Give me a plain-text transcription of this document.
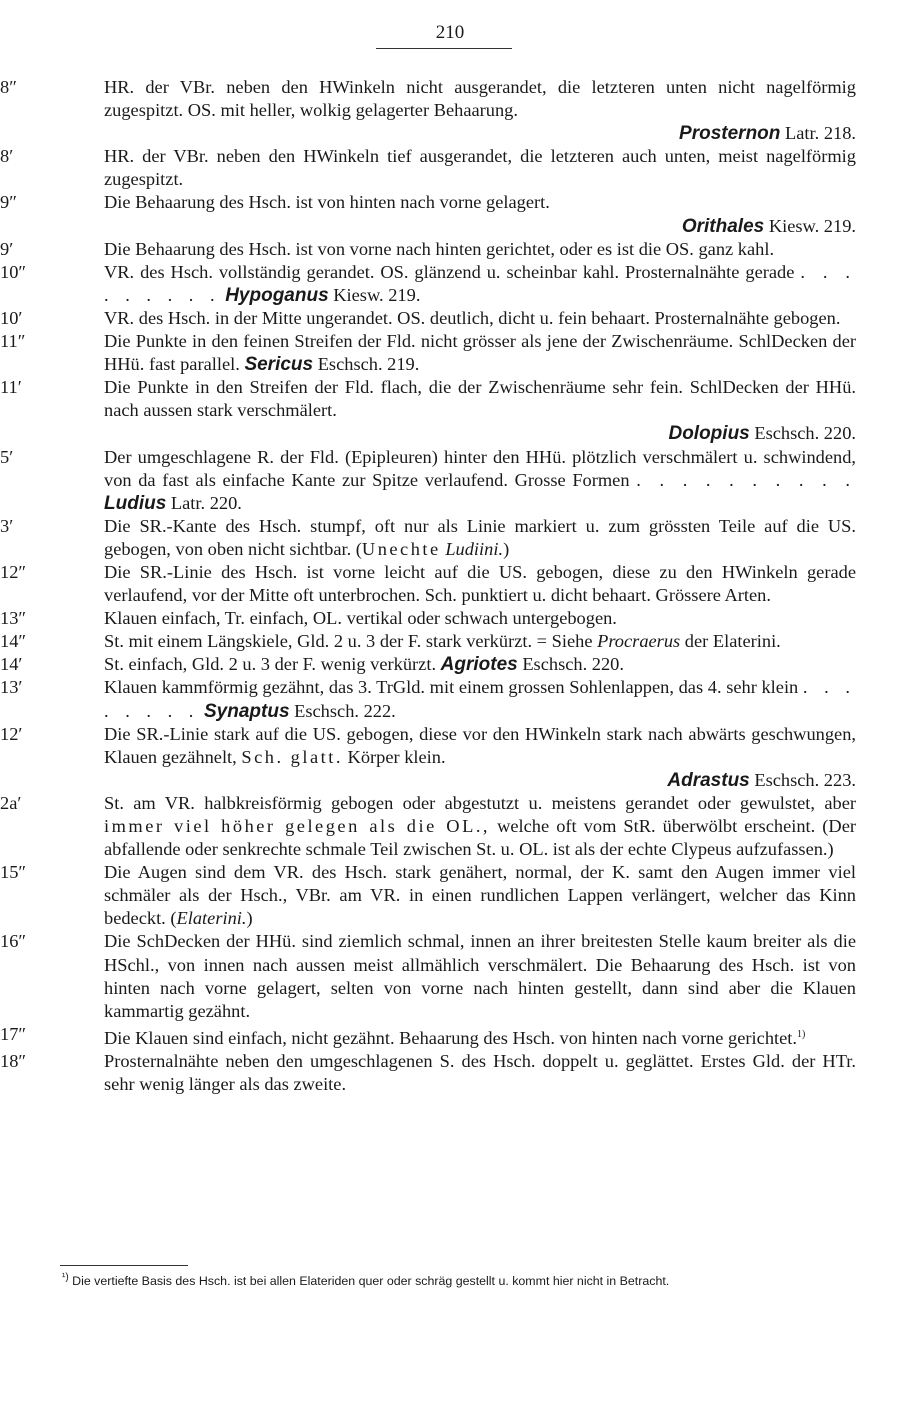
210
8″	HR. der VBr. neben den HWinkeln nicht ausgerandet, die letzteren unten nicht nagelförmig zugespitzt. OS. mit heller, wolkig gelagerter Behaarung.
Prosternon Latr. 218.
8′	HR. der VBr. neben den HWinkeln tief ausgerandet, die letzteren auch unten, meist nagelförmig zugespitzt.
9″	Die Behaarung des Hsch. ist von hinten nach vorne gelagert.
Orithales Kiesw. 219.
9′	Die Behaarung des Hsch. ist von vorne nach hinten gerichtet, oder es ist die OS. ganz kahl.
10″	VR. des Hsch. vollständig gerandet. OS. glänzend u. scheinbar kahl. Prosternalnähte gerade . . . . . . . . . Hypoganus Kiesw. 219.
10′	VR. des Hsch. in der Mitte ungerandet. OS. deutlich, dicht u. fein behaart. Prosternalnähte gebogen.
11″	Die Punkte in den feinen Streifen der Fld. nicht grösser als jene der Zwischenräume. SchlDecken der HHü. fast parallel. Sericus Eschsch. 219.
11′	Die Punkte in den Streifen der Fld. flach, die der Zwischenräume sehr fein. SchlDecken der HHü. nach aussen stark verschmälert.
Dolopius Eschsch. 220.
5′	Der umgeschlagene R. der Fld. (Epipleuren) hinter den HHü. plötzlich verschmälert u. schwindend, von da fast als einfache Kante zur Spitze verlaufend. Grosse Formen . . . . . . . . . . Ludius Latr. 220.
3′	Die SR.-Kante des Hsch. stumpf, oft nur als Linie markiert u. zum grössten Teile auf die US. gebogen, von oben nicht sichtbar. (Unechte Ludiini.)
12″	Die SR.-Linie des Hsch. ist vorne leicht auf die US. gebogen, diese zu den HWinkeln gerade verlaufend, vor der Mitte oft unterbrochen. Sch. punktiert u. dicht behaart. Grössere Arten.
13″	Klauen einfach, Tr. einfach, OL. vertikal oder schwach untergebogen.
14″	St. mit einem Längskiele, Gld. 2 u. 3 der F. stark verkürzt. = Siehe Procraerus der Elaterini.
14′	St. einfach, Gld. 2 u. 3 der F. wenig verkürzt. Agriotes Eschsch. 220.
13′	Klauen kammförmig gezähnt, das 3. TrGld. mit einem grossen Sohlenlappen, das 4. sehr klein . . . . . . . . Synaptus Eschsch. 222.
12′	Die SR.-Linie stark auf die US. gebogen, diese vor den HWinkeln stark nach abwärts geschwungen, Klauen gezähnelt, Sch. glatt. Körper klein.
Adrastus Eschsch. 223.
2a′	St. am VR. halbkreisförmig gebogen oder abgestutzt u. meistens gerandet oder gewulstet, aber immer viel höher gelegen als die OL., welche oft vom StR. überwölbt erscheint. (Der abfallende oder senkrechte schmale Teil zwischen St. u. OL. ist als der echte Clypeus aufzufassen.)
15″	Die Augen sind dem VR. des Hsch. stark genähert, normal, der K. samt den Augen immer viel schmäler als der Hsch., VBr. am VR. in einen rundlichen Lappen verlängert, welcher das Kinn bedeckt. (Elaterini.)
16″	Die SchDecken der HHü. sind ziemlich schmal, innen an ihrer breitesten Stelle kaum breiter als die HSchl., von innen nach aussen meist allmählich verschmälert. Die Behaarung des Hsch. ist von hinten nach vorne gelagert, selten von vorne nach hinten gestellt, dann sind aber die Klauen kammartig gezähnt.
17″	Die Klauen sind einfach, nicht gezähnt. Behaarung des Hsch. von hinten nach vorne gerichtet.$^{1)}$
18″	Prosternalnähte neben den umgeschlagenen S. des Hsch. doppelt u. geglättet. Erstes Gld. der HTr. sehr wenig länger als das zweite.
$^{^1)}$ Die vertiefte Basis des Hsch. ist bei allen Elateriden quer oder schräg gestellt u. kommt hier nicht in Betracht.
